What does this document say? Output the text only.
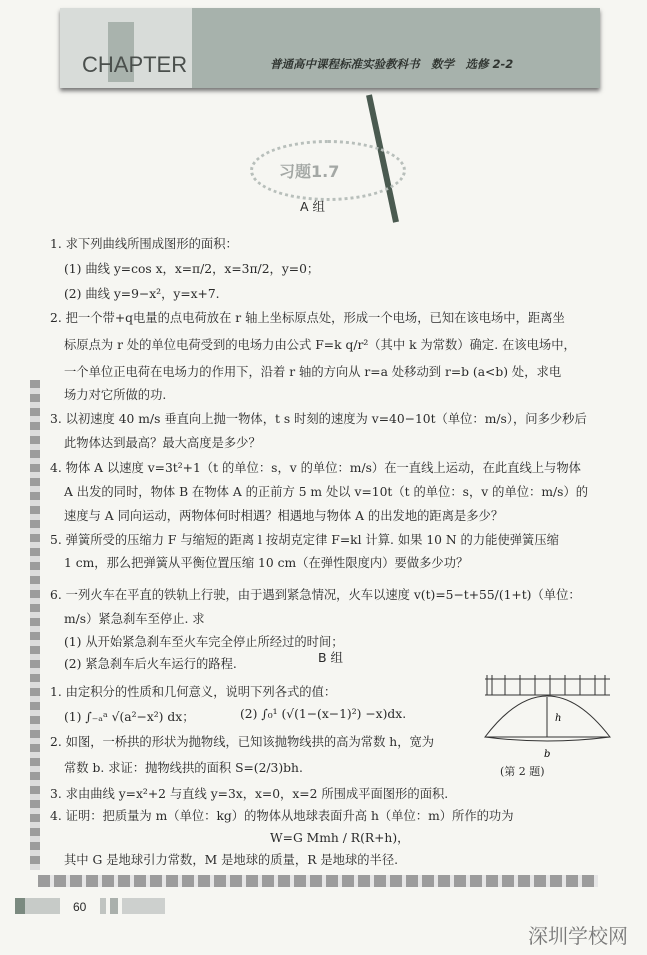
CHAPTER	普通高中课程标准实验教科书　数学　选修 2-2
习题1.7
A 组
1. 求下列曲线所围成图形的面积：
(1) 曲线 y=cos x，x=π/2，x=3π/2，y=0；
(2) 曲线 y=9−x²，y=x+7.
2. 把一个带+q电量的点电荷放在 r 轴上坐标原点处，形成一个电场，已知在该电场中，距离坐
标原点为 r 处的单位电荷受到的电场力由公式 F=k q/r²（其中 k 为常数）确定. 在该电场中，
一个单位正电荷在电场力的作用下，沿着 r 轴的方向从 r=a 处移动到 r=b (a<b) 处，求电
场力对它所做的功.
3. 以初速度 40 m/s 垂直向上抛一物体，t s 时刻的速度为 v=40−10t（单位：m/s），问多少秒后
此物体达到最高？最大高度是多少？
4. 物体 A 以速度 v=3t²+1（t 的单位：s，v 的单位：m/s）在一直线上运动，在此直线上与物体
A 出发的同时，物体 B 在物体 A 的正前方 5 m 处以 v=10t（t 的单位：s，v 的单位：m/s）的
速度与 A 同向运动，两物体何时相遇？相遇地与物体 A 的出发地的距离是多少？
5. 弹簧所受的压缩力 F 与缩短的距离 l 按胡克定律 F=kl 计算. 如果 10 N 的力能使弹簧压缩
1 cm，那么把弹簧从平衡位置压缩 10 cm（在弹性限度内）要做多少功？
6. 一列火车在平直的铁轨上行驶，由于遇到紧急情况，火车以速度 v(t)=5−t+55/(1+t)（单位：
m/s）紧急刹车至停止. 求
(1) 从开始紧急刹车至火车完全停止所经过的时间；
(2) 紧急刹车后火车运行的路程.	B 组
1. 由定积分的性质和几何意义，说明下列各式的值：
(1) ∫₋ₐᵃ √(a²−x²) dx；	(2) ∫₀¹ (√(1−(x−1)²) −x)dx.
2. 如图，一桥拱的形状为抛物线，已知该抛物线拱的高为常数 h，宽为
常数 b. 求证：抛物线拱的面积 S=(2/3)bh.
3. 求由曲线 y=x²+2 与直线 y=3x，x=0，x=2 所围成平面图形的面积.
4. 证明：把质量为 m（单位：kg）的物体从地球表面升高 h（单位：m）所作的功为
W=G Mmh / R(R+h)，
其中 G 是地球引力常数，M 是地球的质量，R 是地球的半径.
h
b
(第 2 题)
60
深圳学校网
